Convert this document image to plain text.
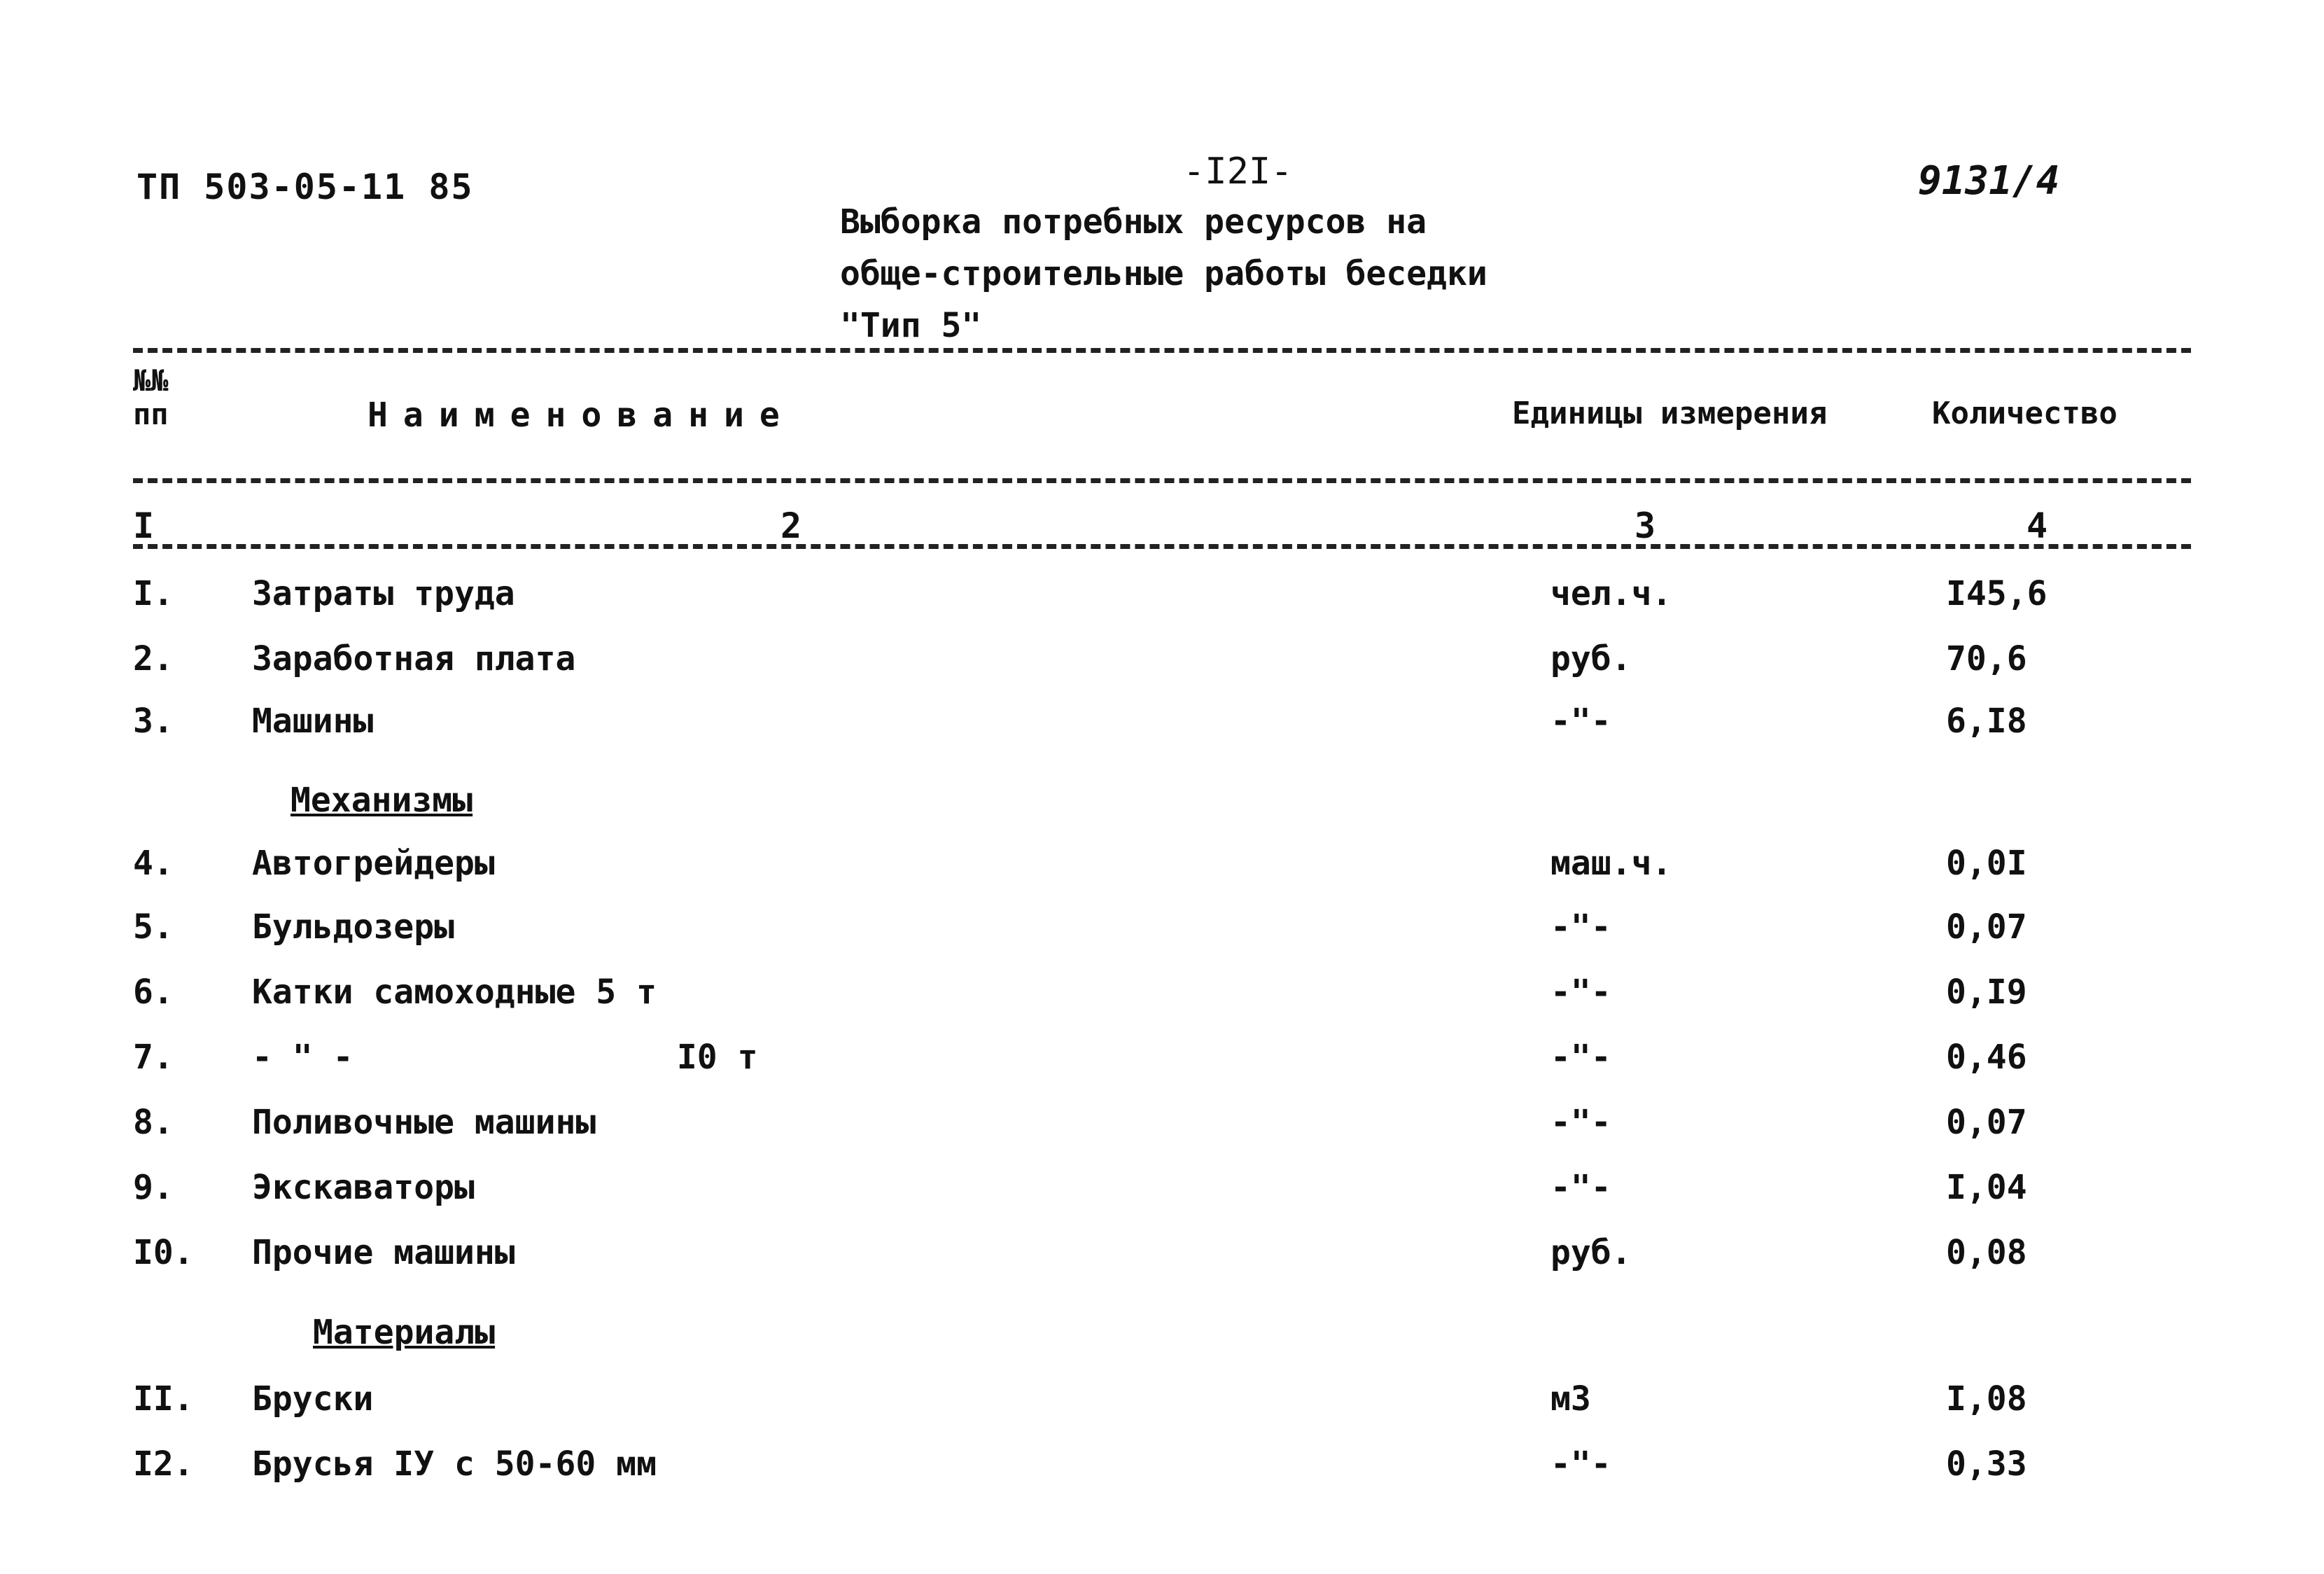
ТП 503-05-11 85	-I2I-	9131/4
Выборка потребных ресурсов на обще-строительные работы беседки "Тип 5"
№№ пп	Наименование	Единицы измерения	Количество
I	2	3	4
I. Затраты труда	чел.ч.	I45,6
2. Заработная плата	руб.	70,6
3. Машины	-"-	6,I8
Механизмы
4. Автогрейдеры	маш.ч.	0,0I
5. Бульдозеры	-"-	0,07
6. Катки самоходные 5 т	-"-	0,I9
7. - " -                I0 т	-"-	0,46
8. Поливочные машины	-"-	0,07
9. Экскаваторы	-"-	I,04
I0. Прочие машины	руб.	0,08
Материалы
II. Бруски	м3	I,08
I2. Брусья IУ с 50-60 мм	-"-	0,33
